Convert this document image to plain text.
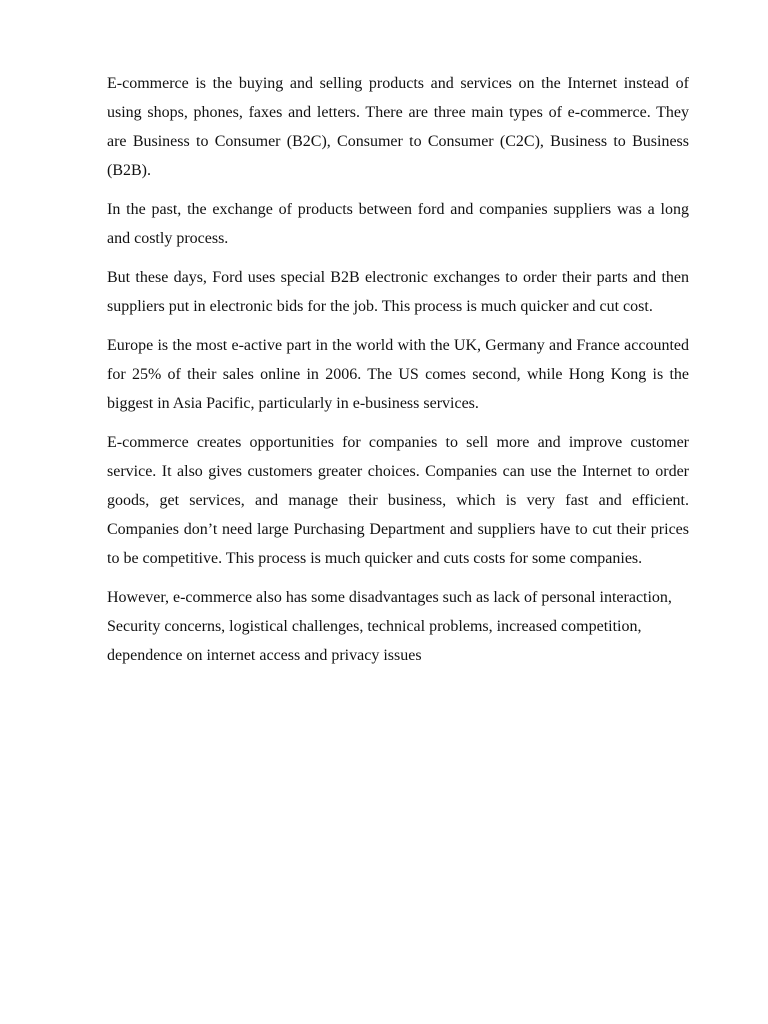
E-commerce is the buying and selling products and services on the Internet instead of using shops, phones, faxes and letters. There are three main types of e-commerce. They are Business to Consumer (B2C), Consumer to Consumer (C2C), Business to Business (B2B).

In the past, the exchange of products between ford and companies suppliers was a long and costly process.

But these days, Ford uses special B2B electronic exchanges to order their parts and then suppliers put in electronic bids for the job. This process is much quicker and cut cost.

Europe is the most e-active part in the world with the UK, Germany and France accounted for 25% of their sales online in 2006. The US comes second, while Hong Kong is the biggest in Asia Pacific, particularly in e-business services.

E-commerce creates opportunities for companies to sell more and improve customer service. It also gives customers greater choices. Companies can use the Internet to order goods, get services, and manage their business, which is very fast and efficient. Companies don’t need large Purchasing Department and suppliers have to cut their prices to be competitive. This process is much quicker and cuts costs for some companies.

However, e-commerce also has some disadvantages such as lack of personal interaction, Security concerns, logistical challenges, technical problems, increased competition, dependence on internet access and privacy issues
